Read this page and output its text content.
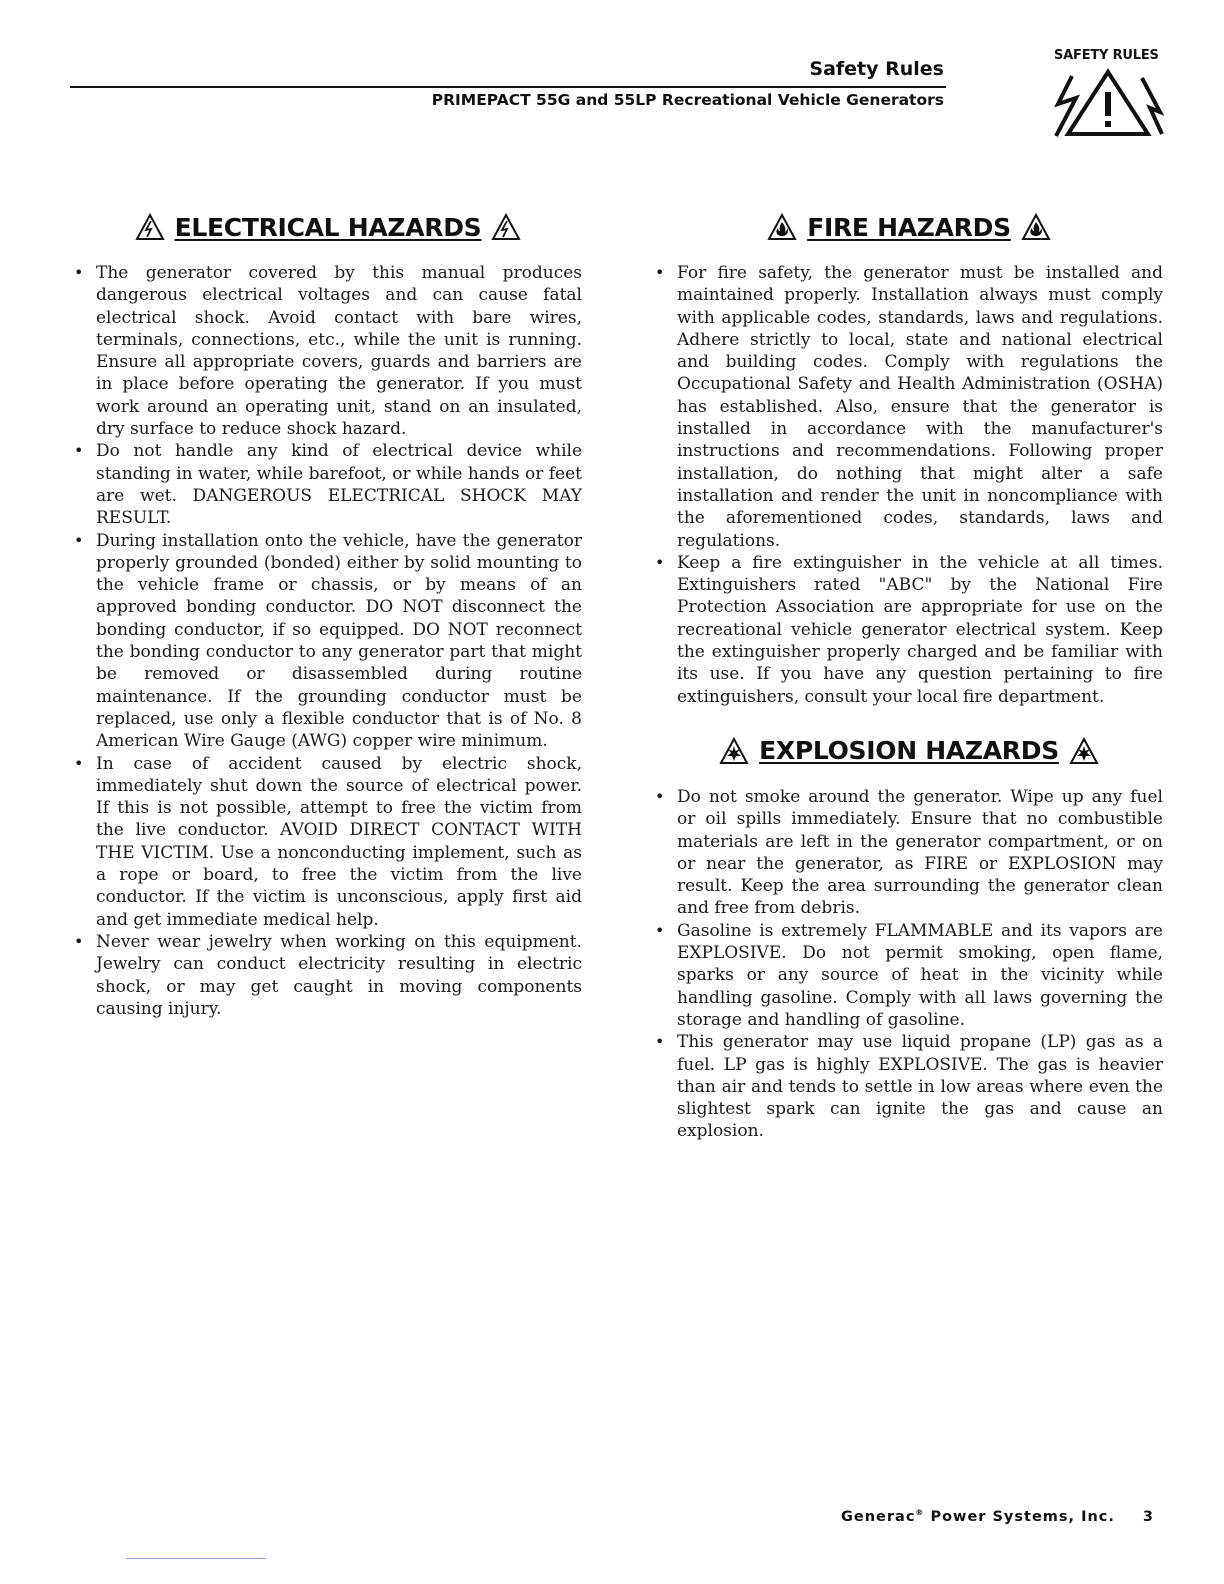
Safety Rules
PRIMEPACT 55G and 55LP Recreational Vehicle Generators
SAFETY RULES
ELECTRICAL HAZARDS
• The generator covered by this manual produces dangerous electrical voltages and can cause fatal electrical shock. Avoid contact with bare wires, terminals, connections, etc., while the unit is running. Ensure all appropriate covers, guards and barriers are in place before operating the generator. If you must work around an operating unit, stand on an insulated, dry surface to reduce shock hazard.
• Do not handle any kind of electrical device while standing in water, while barefoot, or while hands or feet are wet. DANGEROUS ELECTRICAL SHOCK MAY RESULT.
• During installation onto the vehicle, have the generator properly grounded (bonded) either by solid mounting to the vehicle frame or chassis, or by means of an approved bonding conductor. DO NOT disconnect the bonding conductor, if so equipped. DO NOT reconnect the bonding conductor to any generator part that might be removed or disassembled during routine maintenance. If the grounding conductor must be replaced, use only a flexible conductor that is of No. 8 American Wire Gauge (AWG) copper wire minimum.
• In case of accident caused by electric shock, immediately shut down the source of electrical power. If this is not possible, attempt to free the victim from the live conductor. AVOID DIRECT CONTACT WITH THE VICTIM. Use a nonconducting implement, such as a rope or board, to free the victim from the live conductor. If the victim is unconscious, apply first aid and get immediate medical help.
• Never wear jewelry when working on this equipment. Jewelry can conduct electricity resulting in electric shock, or may get caught in moving components causing injury.
FIRE HAZARDS
• For fire safety, the generator must be installed and maintained properly. Installation always must comply with applicable codes, standards, laws and regulations. Adhere strictly to local, state and national electrical and building codes. Comply with regulations the Occupational Safety and Health Administration (OSHA) has established. Also, ensure that the generator is installed in accordance with the manufacturer's instructions and recommendations. Following proper installation, do nothing that might alter a safe installation and render the unit in noncompliance with the aforementioned codes, standards, laws and regulations.
• Keep a fire extinguisher in the vehicle at all times. Extinguishers rated "ABC" by the National Fire Protection Association are appropriate for use on the recreational vehicle generator electrical system. Keep the extinguisher properly charged and be familiar with its use. If you have any question pertaining to fire extinguishers, consult your local fire department.
EXPLOSION HAZARDS
• Do not smoke around the generator. Wipe up any fuel or oil spills immediately. Ensure that no combustible materials are left in the generator compartment, or on or near the generator, as FIRE or EXPLOSION may result. Keep the area surrounding the generator clean and free from debris.
• Gasoline is extremely FLAMMABLE and its vapors are EXPLOSIVE. Do not permit smoking, open flame, sparks or any source of heat in the vicinity while handling gasoline. Comply with all laws governing the storage and handling of gasoline.
• This generator may use liquid propane (LP) gas as a fuel. LP gas is highly EXPLOSIVE. The gas is heavier than air and tends to settle in low areas where even the slightest spark can ignite the gas and cause an explosion.
Generac® Power Systems, Inc. 3
